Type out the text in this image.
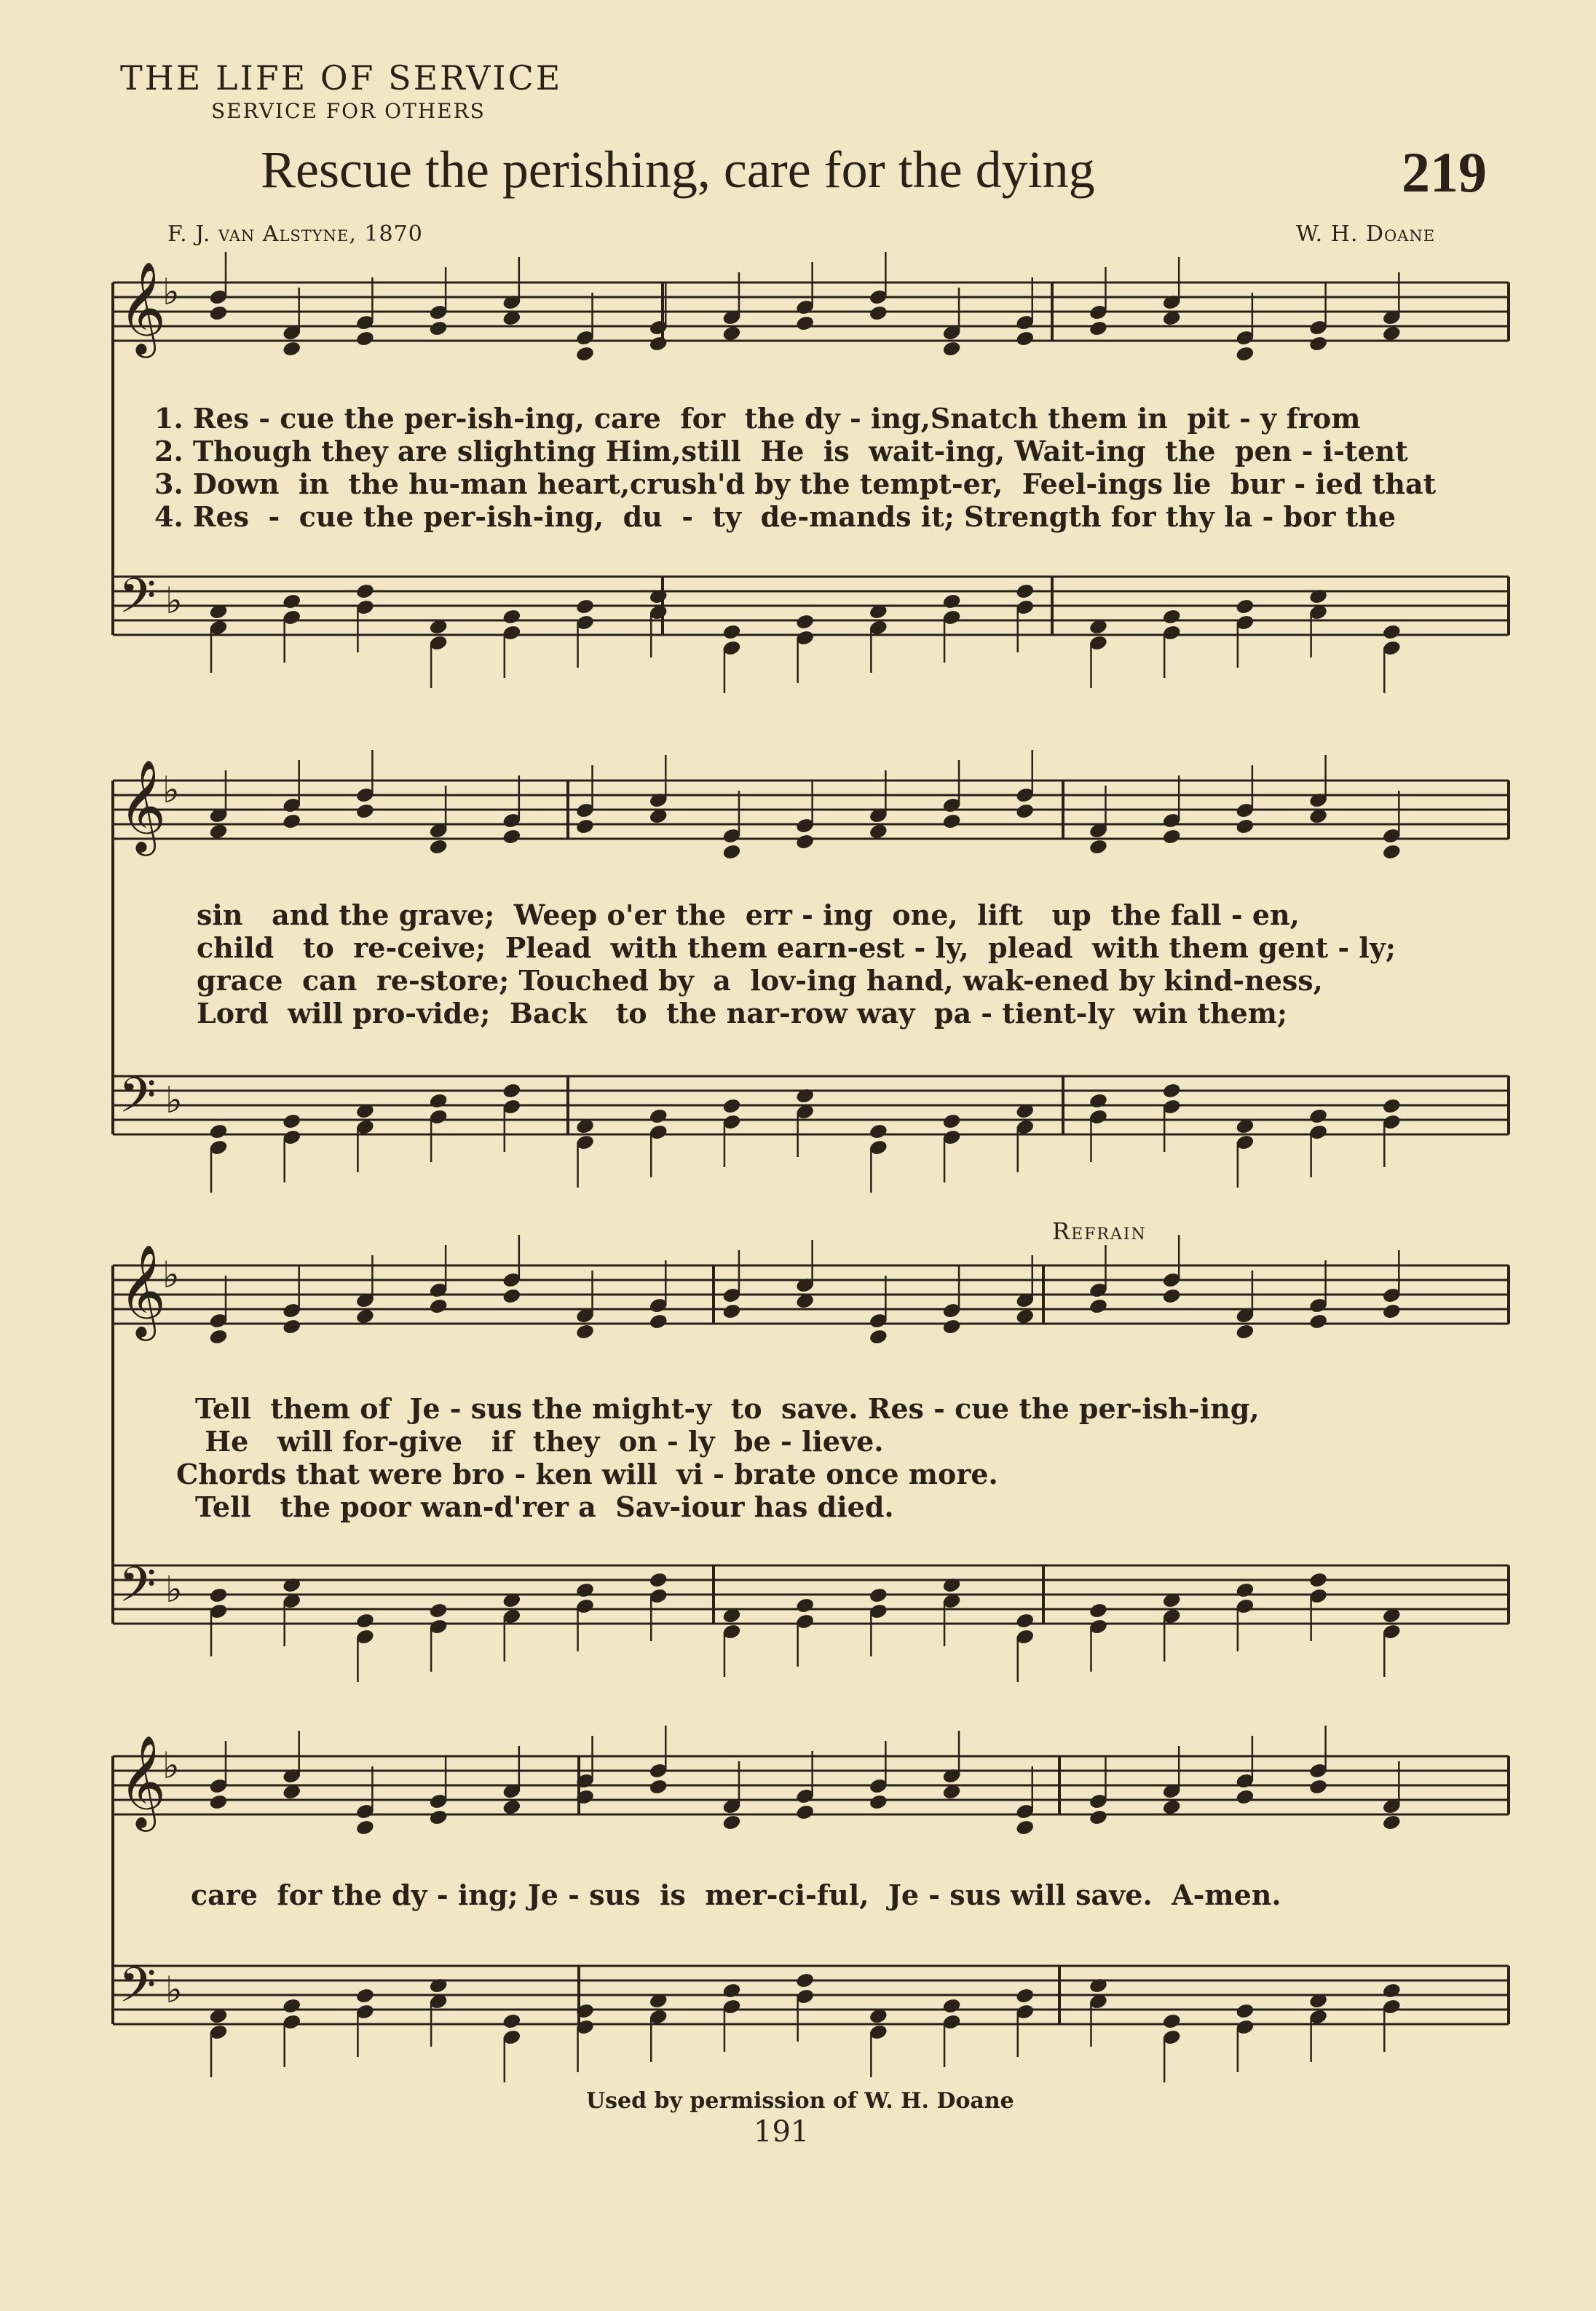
THE LIFE OF SERVICE
SERVICE FOR OTHERS
Rescue the perishing, care for the dying	219
F. J. van Alstyne, 1870	W. H. Doane
𝄞
♭
𝄢 ♭
𝄞
♭
𝄢 ♭
𝄞
♭
𝄢 ♭
𝄞
♭
𝄢 ♭
1. Res - cue the per-ish-ing, care  for  the dy - ing,Snatch them in  pit - y from
2. Though they are slighting Him,still  He  is  wait-ing, Wait-ing  the  pen - i-tent
3. Down  in  the hu-man heart,crush'd by the tempt-er,  Feel-ings lie  bur - ied that
4. Res  -  cue the per-ish-ing,  du  -  ty  de-mands it; Strength for thy la - bor the
sin   and the grave;  Weep o'er the  err - ing  one,  lift   up  the fall - en,
child   to  re-ceive;  Plead  with them earn-est - ly,  plead  with them gent - ly;
grace  can  re-store; Touched by  a  lov-ing hand, wak-ened by kind-ness,
Lord  will pro-vide;  Back   to  the nar-row way  pa - tient-ly  win them;
Refrain
Tell  them of  Je - sus the might-y  to  save. Res - cue the per-ish-ing,
He   will for-give   if  they  on - ly  be - lieve.
Chords that were bro - ken will  vi - brate once more.
Tell   the poor wan-d'rer a  Sav-iour has died.
care  for the dy - ing; Je - sus  is  mer-ci-ful,  Je - sus will save.  A-men.
Used by permission of W. H. Doane
191
